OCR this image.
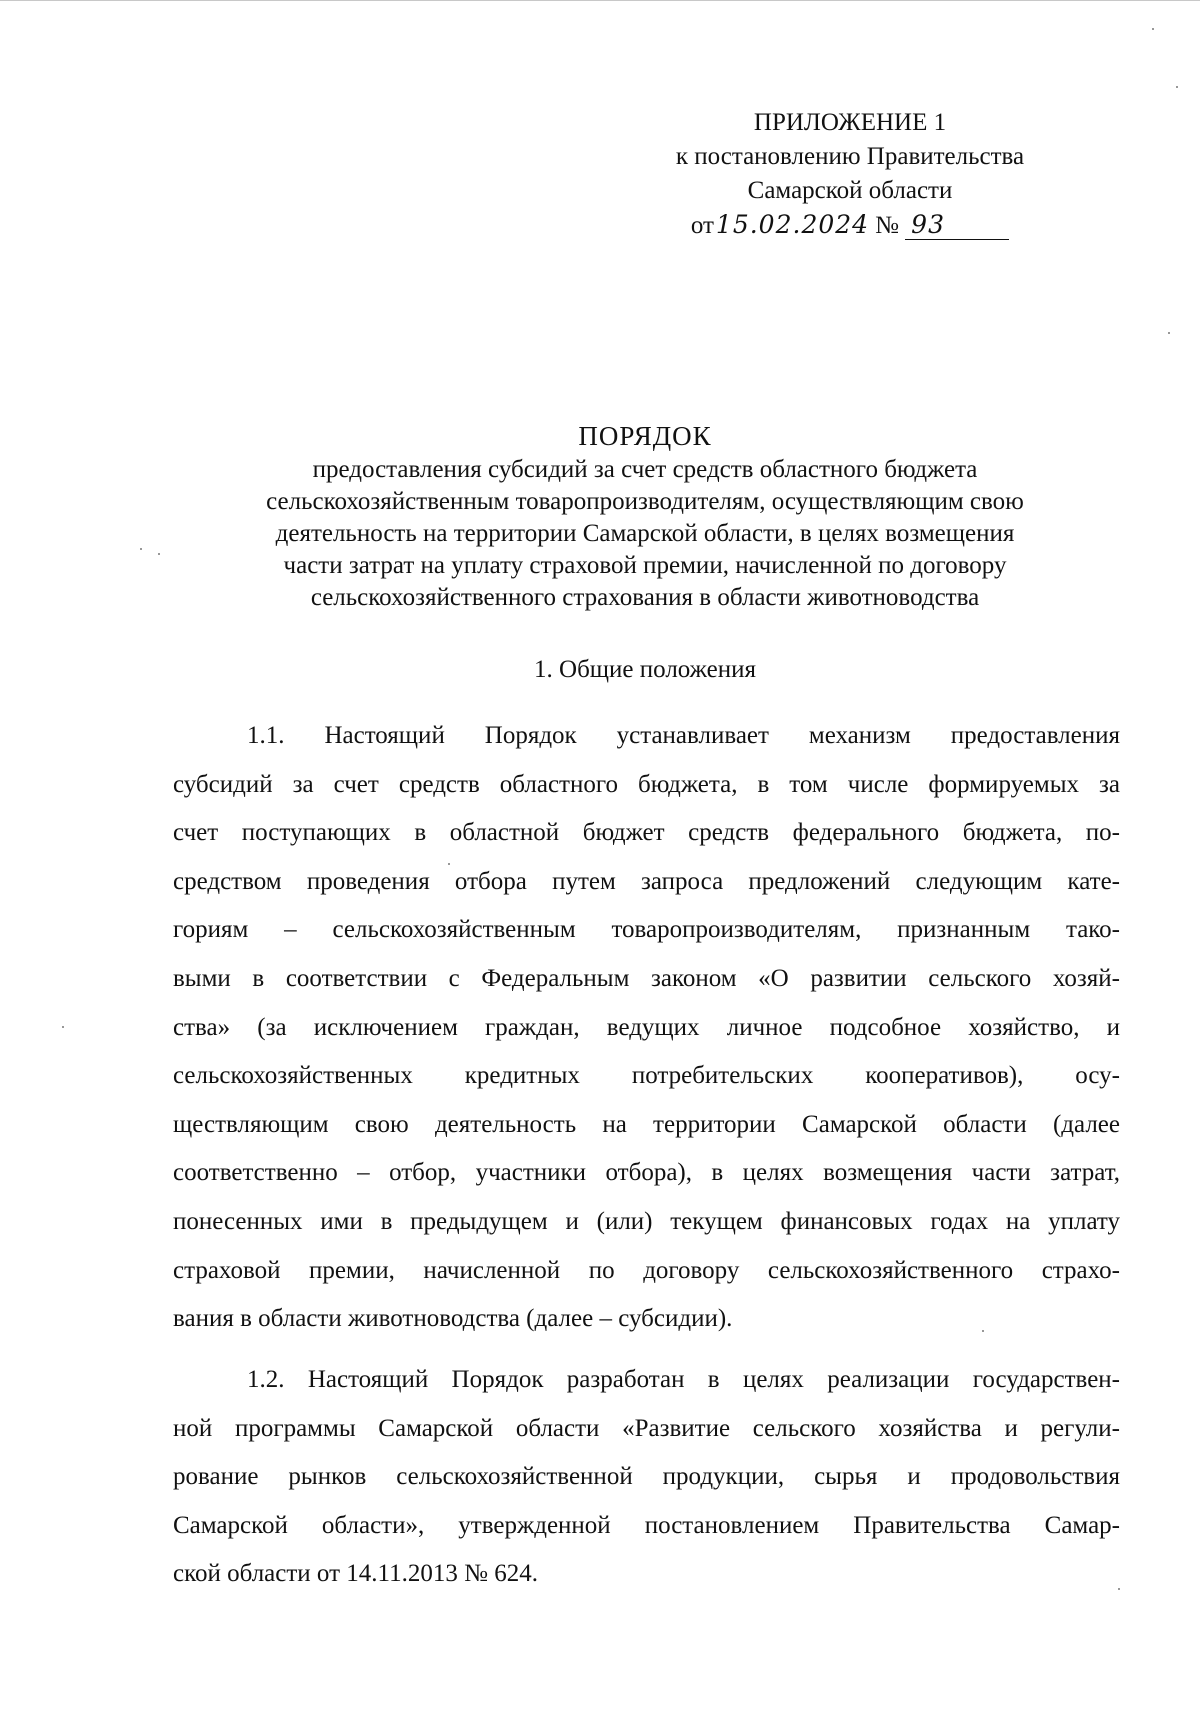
ПРИЛОЖЕНИЕ 1
к постановлению Правительства
Самарской области
от15.02.2024 № 93
ПОРЯДОК
предоставления субсидий за счет средств областного бюджета
сельскохозяйственным товаропроизводителям, осуществляющим свою
деятельность на территории Самарской области, в целях возмещения
части затрат на уплату страховой премии, начисленной по договору
сельскохозяйственного страхования в области животноводства
1. Общие положения
1.1. Настоящий Порядок устанавливает механизм предоставления
субсидий за счет средств областного бюджета, в том числе формируемых за
счет поступающих в областной бюджет средств федерального бюджета, по-
средством проведения отбора путем запроса предложений следующим кате-
гориям – сельскохозяйственным товаропроизводителям, признанным тако-
выми в соответствии с Федеральным законом «О развитии сельского хозяй-
ства» (за исключением граждан, ведущих личное подсобное хозяйство, и
сельскохозяйственных кредитных потребительских кооперативов), осу-
ществляющим свою деятельность на территории Самарской области (далее
соответственно – отбор, участники отбора), в целях возмещения части затрат,
понесенных ими в предыдущем и (или) текущем финансовых годах на уплату
страховой премии, начисленной по договору сельскохозяйственного страхо-
вания в области животноводства (далее – субсидии).
1.2. Настоящий Порядок разработан в целях реализации государствен-
ной программы Самарской области «Развитие сельского хозяйства и регули-
рование рынков сельскохозяйственной продукции, сырья и продовольствия
Самарской области», утвержденной постановлением Правительства Самар-
ской области от 14.11.2013 № 624.
